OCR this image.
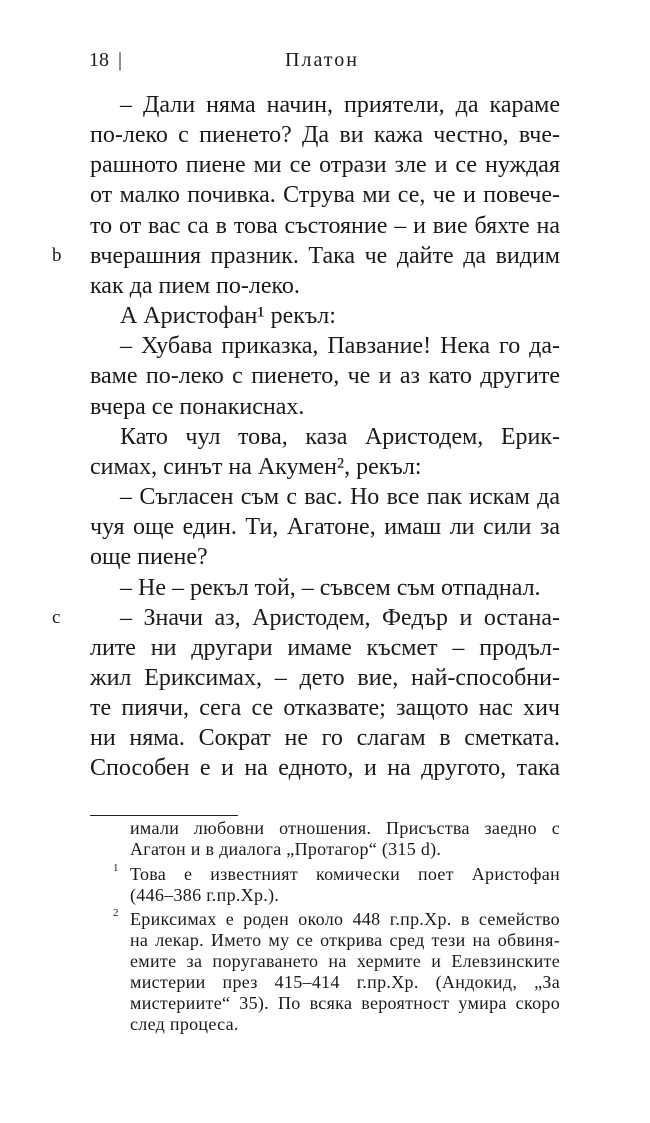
18 |	Платон
– Дали няма начин, приятели, да караме
по-леко с пиенето? Да ви кажа честно, вче-
рашното пиене ми се отрази зле и се нуждая
от малко почивка. Струва ми се, че и повече-
то от вас са в това състояние – и вие бяхте на
b вчерашния празник. Така че дайте да видим
как да пием по-леко.
А Аристофан¹ рекъл:
– Хубава приказка, Павзание! Нека го да-
ваме по-леко с пиенето, че и аз като другите
вчера се понакиснах.
Като чул това, каза Аристодем, Ерик-
симах, синът на Акумен², рекъл:
– Съгласен съм с вас. Но все пак искам да
чуя още един. Ти, Агатоне, имаш ли сили за
още пиене?
– Не – рекъл той, – съвсем съм отпаднал.
c – Значи аз, Аристодем, Федър и остана-
лите ни другари имаме късмет – продъл-
жил Ериксимах, – дето вие, най-способни-
те пиячи, сега се отказвате; защото нас хич
ни няма. Сократ не го слагам в сметката.
Способен е и на едното, и на другото, така
имали любовни отношения. Присъства заедно с
Агатон и в диалога „Протагор“ (315 d).
1 Това е известният комически поет Аристофан
(446–386 г.пр.Хр.).
2 Ериксимах е роден около 448 г.пр.Хр. в семейство
на лекар. Името му се открива сред тези на обвиня-
емите за поругаването на хермите и Елевзинските
мистерии през 415–414 г.пр.Хр. (Андокид, „За
мистериите“ 35). По всяка вероятност умира скоро
след процеса.
